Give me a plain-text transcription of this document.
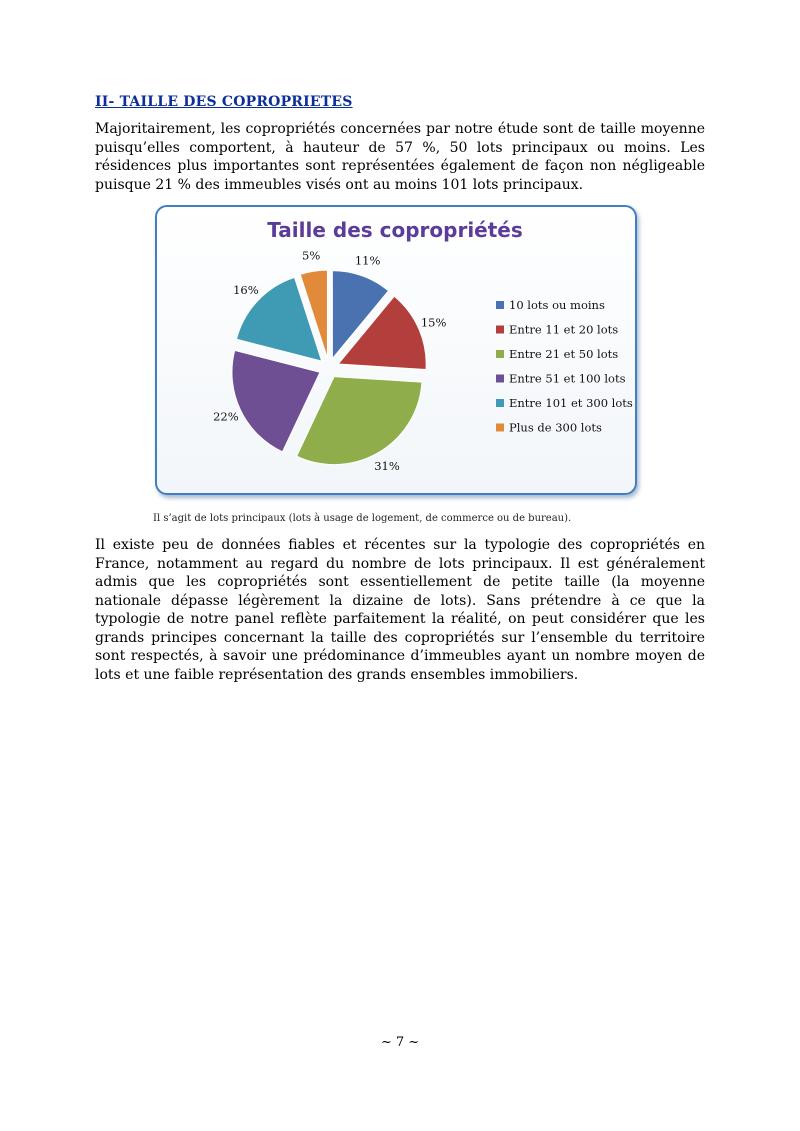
II- TAILLE DES COPROPRIETES

Majoritairement, les copropriétés concernées par notre étude sont de taille moyenne puisqu’elles comportent, à hauteur de 57 %, 50 lots principaux ou moins. Les résidences plus importantes sont représentées également de façon non négligeable puisque 21 % des immeubles visés ont au moins 101 lots principaux.

Taille des copropriétés
11%
15%
31%
22%
16%
5%
10 lots ou moins
Entre 11 et 20 lots
Entre 21 et 50 lots
Entre 51 et 100 lots
Entre 101 et 300 lots
Plus de 300 lots
Il s’agit de lots principaux (lots à usage de logement, de commerce ou de bureau).

Il existe peu de données fiables et récentes sur la typologie des copropriétés en France, notamment au regard du nombre de lots principaux. Il est généralement admis que les copropriétés sont essentiellement de petite taille (la moyenne nationale dépasse légèrement la dizaine de lots). Sans prétendre à ce que la typologie de notre panel reflète parfaitement la réalité, on peut considérer que les grands principes concernant la taille des copropriétés sur l’ensemble du territoire sont respectés, à savoir une prédominance d’immeubles ayant un nombre moyen de lots et une faible représentation des grands ensembles immobiliers.

~ 7 ~
